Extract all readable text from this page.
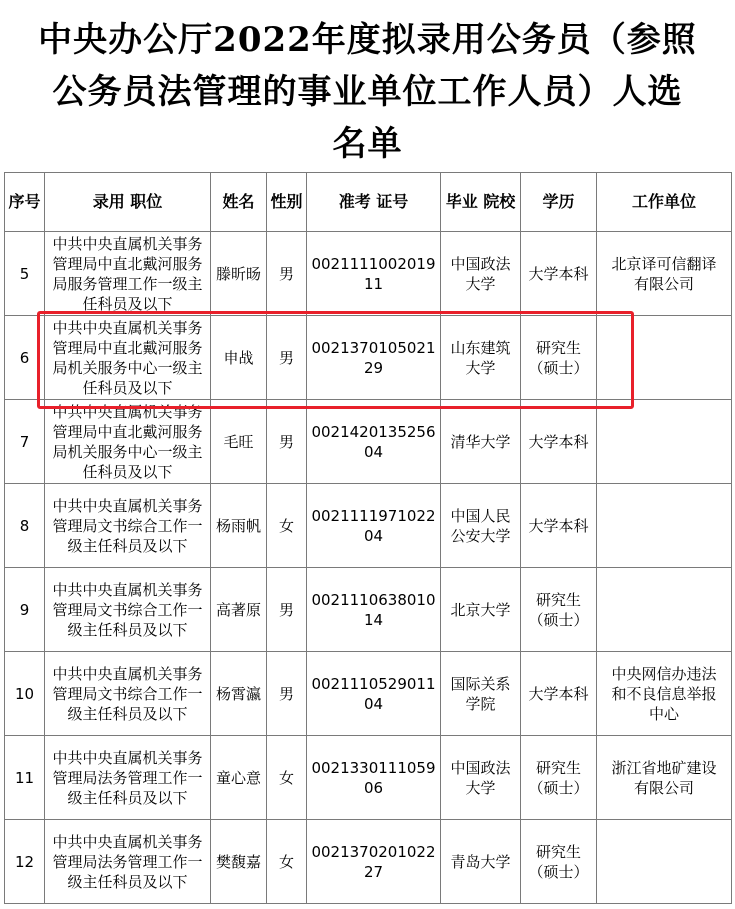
中央办公厅2022年度拟录用公务员（参照
公务员法管理的事业单位工作人员）人选
名单
序号	录用 职位	姓名	性别	准考 证号	毕业 院校	学历	工作单位
5	中共中央直属机关事务管理局中直北戴河服务局服务管理工作一级主任科员及以下	滕昕旸	男	002111100201911	中国政法
大学	大学本科	北京译可信翻译
有限公司
6	中共中央直属机关事务管理局中直北戴河服务局机关服务中心一级主任科员及以下	申战	男	002137010502129	山东建筑
大学	研究生
（硕士）	
7	中共中央直属机关事务管理局中直北戴河服务局机关服务中心一级主任科员及以下	毛旺	男	002142013525604	清华大学	大学本科	
8	中共中央直属机关事务管理局文书综合工作一级主任科员及以下	杨雨帆	女	002111197102204	中国人民
公安大学	大学本科	
9	中共中央直属机关事务管理局文书综合工作一级主任科员及以下	高著原	男	002111063801014	北京大学	研究生
（硕士）	
10	中共中央直属机关事务管理局文书综合工作一级主任科员及以下	杨霄瀛	男	002111052901104	国际关系
学院	大学本科	中央网信办违法
和不良信息举报
中心
11	中共中央直属机关事务管理局法务管理工作一级主任科员及以下	童心意	女	002133011105906	中国政法
大学	研究生
（硕士）	浙江省地矿建设
有限公司
12	中共中央直属机关事务管理局法务管理工作一级主任科员及以下	樊馥嘉	女	002137020102227	青岛大学	研究生
（硕士）	
